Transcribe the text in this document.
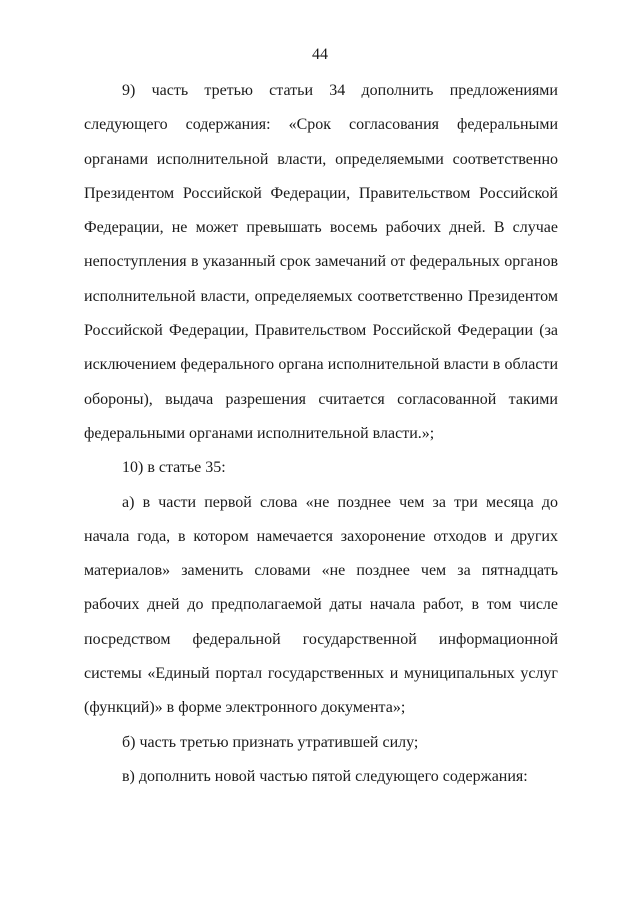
44

9) часть третью статьи 34 дополнить предложениями следующего содержания: «Срок согласования федеральными органами исполнительной власти, определяемыми соответственно Президентом Российской Федерации, Правительством Российской Федерации, не может превышать восемь рабочих дней. В случае непоступления в указанный срок замечаний от федеральных органов исполнительной власти, определяемых соответственно Президентом Российской Федерации, Правительством Российской Федерации (за исключением федерального органа исполнительной власти в области обороны), выдача разрешения считается согласованной такими федеральными органами исполнительной власти.»;

10) в статье 35:

а) в части первой слова «не позднее чем за три месяца до начала года, в котором намечается захоронение отходов и других материалов» заменить словами «не позднее чем за пятнадцать рабочих дней до предполагаемой даты начала работ, в том числе посредством федеральной государственной информационной системы «Единый портал государственных и муниципальных услуг (функций)» в форме электронного документа»;

б) часть третью признать утратившей силу;

в) дополнить новой частью пятой следующего содержания:
